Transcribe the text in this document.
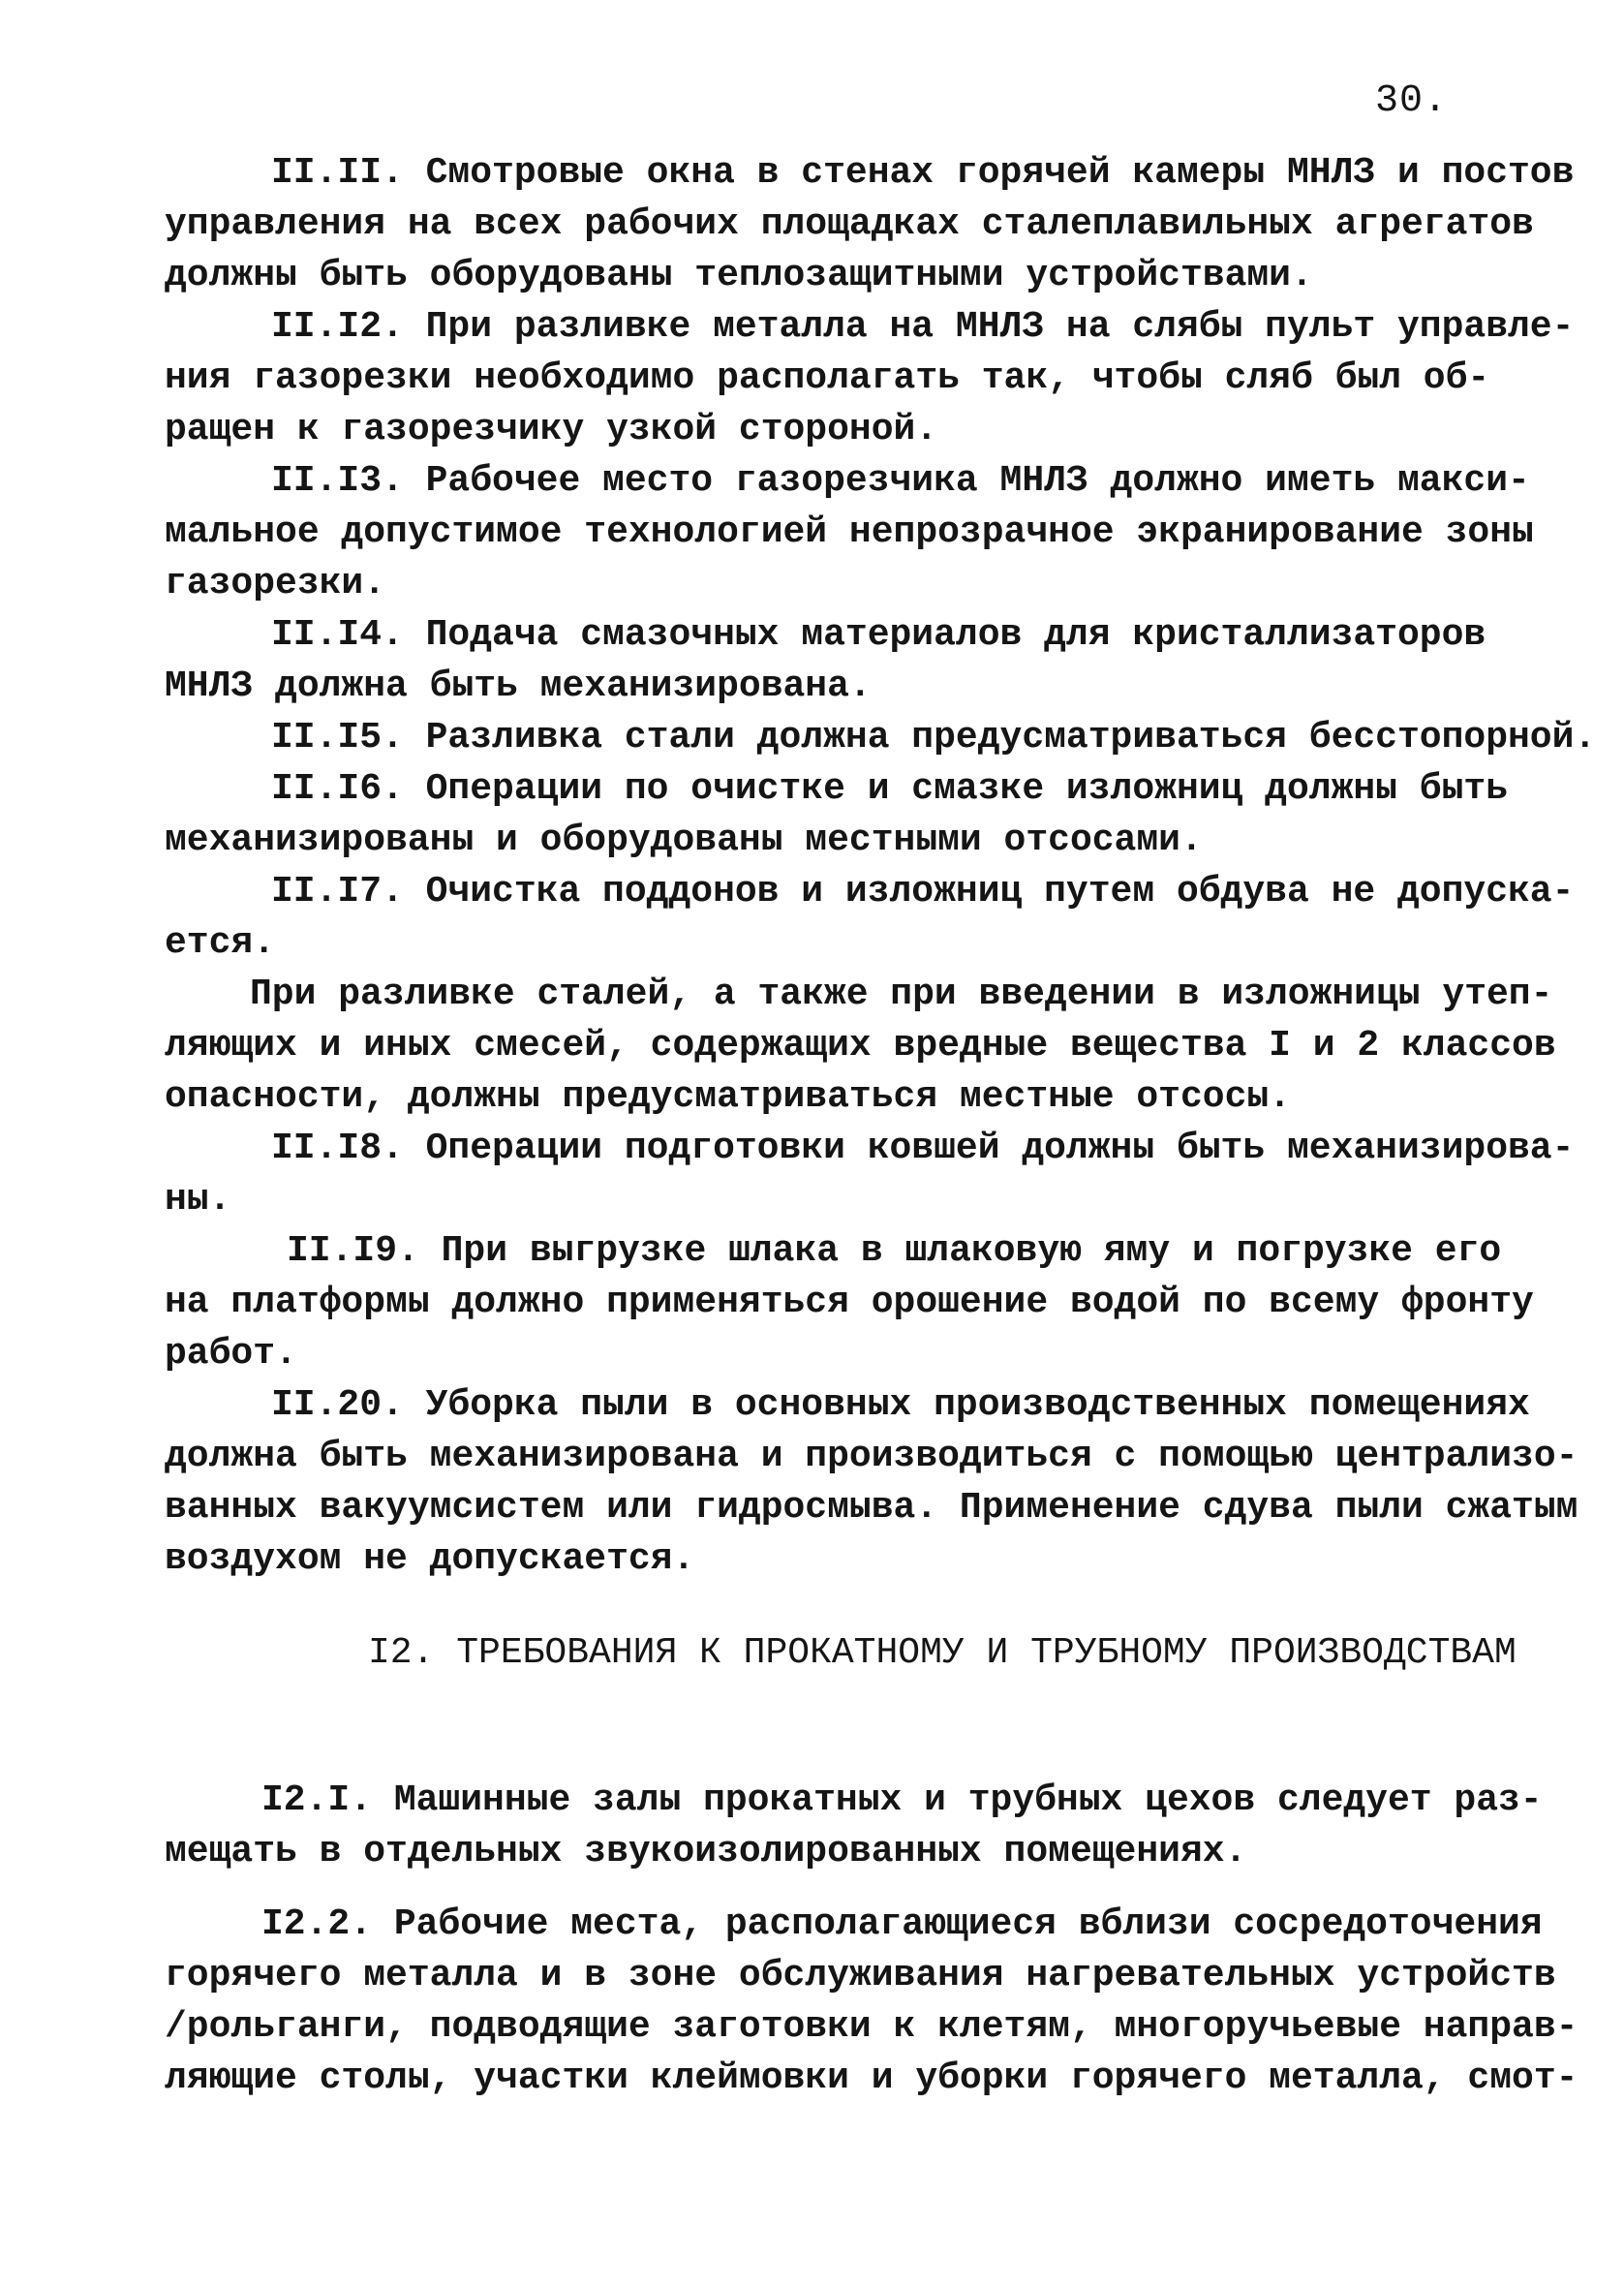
30.
II.II. Смотровые окна в стенах горячей камеры МНЛЗ и постов
управления на всех рабочих площадках сталеплавильных агрегатов
должны быть оборудованы теплозащитными устройствами.
II.I2. При разливке металла на МНЛЗ на слябы пульт управле-
ния газорезки необходимо располагать так, чтобы сляб был об-
ращен к газорезчику узкой стороной.
II.I3. Рабочее место газорезчика МНЛЗ должно иметь макси-
мальное допустимое технологией непрозрачное экранирование зоны
газорезки.
II.I4. Подача смазочных материалов для кристаллизаторов
МНЛЗ должна быть механизирована.
II.I5. Разливка стали должна предусматриваться бесстопорной.
II.I6. Операции по очистке и смазке изложниц должны быть
механизированы и оборудованы местными отсосами.
II.I7. Очистка поддонов и изложниц путем обдува не допуска-
ется.
При разливке сталей, а также при введении в изложницы утеп-
ляющих и иных смесей, содержащих вредные вещества I и 2 классов
опасности, должны предусматриваться местные отсосы.
II.I8. Операции подготовки ковшей должны быть механизирова-
ны.
II.I9. При выгрузке шлака в шлаковую яму и погрузке его
на платформы должно применяться орошение водой по всему фронту
работ.
II.20. Уборка пыли в основных производственных помещениях
должна быть механизирована и производиться с помощью централизо-
ванных вакуумсистем или гидросмыва. Применение сдува пыли сжатым
воздухом не допускается.
I2. ТРЕБОВАНИЯ К ПРОКАТНОМУ И ТРУБНОМУ ПРОИЗВОДСТВАМ
I2.I. Машинные залы прокатных и трубных цехов следует раз-
мещать в отдельных звукоизолированных помещениях.
I2.2. Рабочие места, располагающиеся вблизи сосредоточения
горячего металла и в зоне обслуживания нагревательных устройств
/рольганги, подводящие заготовки к клетям, многоручьевые направ-
ляющие столы, участки клеймовки и уборки горячего металла, смот-
